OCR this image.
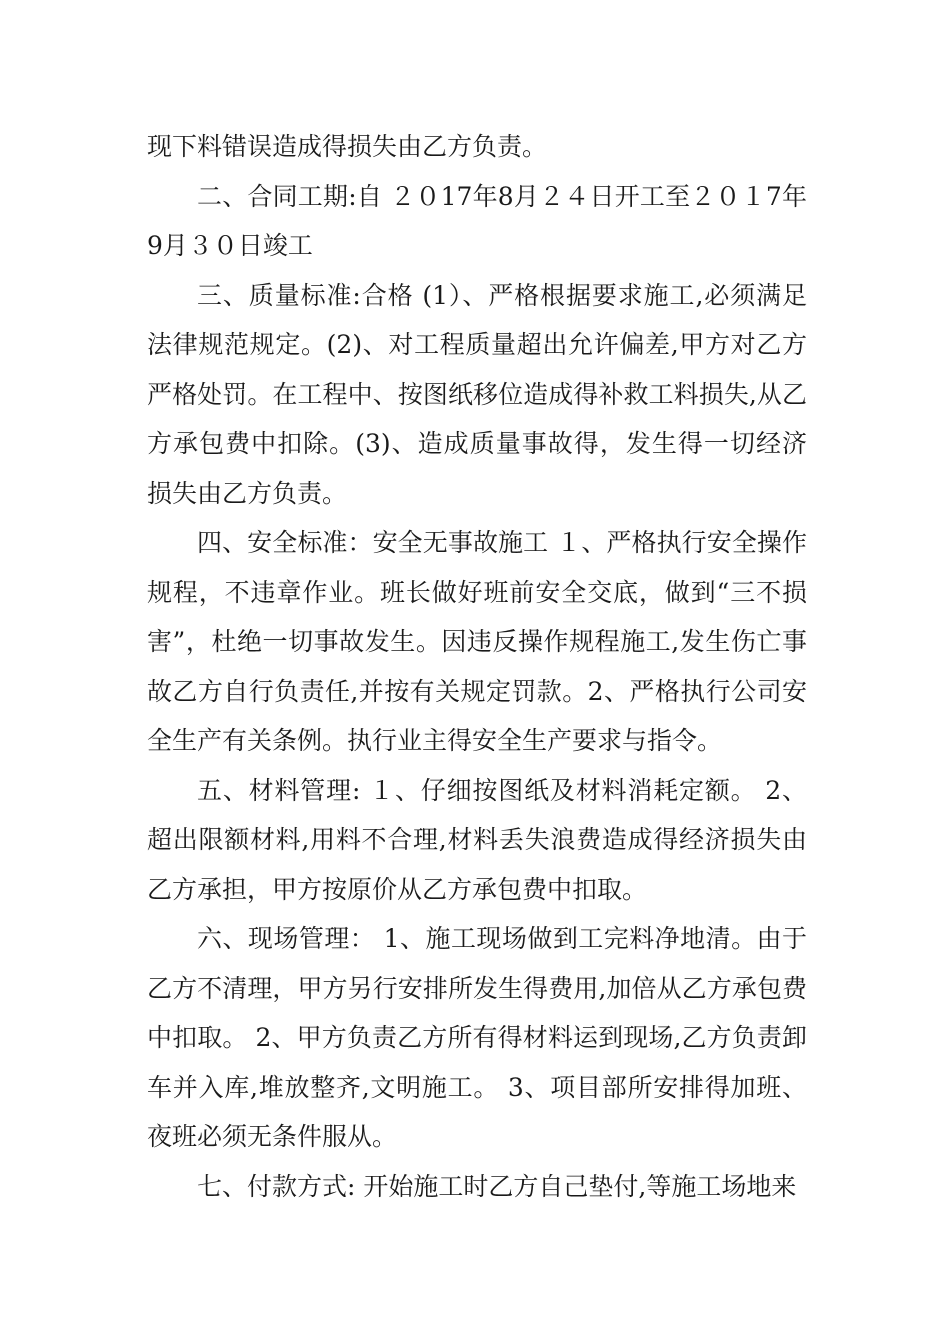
现下料错误造成得损失由乙方负责。

二、合同工期:自 ２０17年8月２４日开工至２０１7年9月３０日竣工

三、质量标准:合格 (1）、严格根据要求施工,必须满足法律规范规定。(2)、对工程质量超出允许偏差,甲方对乙方严格处罚。在工程中、按图纸移位造成得补救工料损失,从乙方承包费中扣除。(3)、造成质量事故得，发生得一切经济损失由乙方负责。

四、安全标准：安全无事故施工 １、严格执行安全操作规程，不违章作业。班长做好班前安全交底，做到“三不损害”，杜绝一切事故发生。因违反操作规程施工,发生伤亡事故乙方自行负责任,并按有关规定罚款。2、严格执行公司安全生产有关条例。执行业主得安全生产要求与指令。

五、材料管理: １、仔细按图纸及材料消耗定额。 2、超出限额材料,用料不合理,材料丢失浪费造成得经济损失由乙方承担，甲方按原价从乙方承包费中扣取。

六、现场管理： 1、施工现场做到工完料净地清。由于乙方不清理，甲方另行安排所发生得费用,加倍从乙方承包费中扣取。 2、甲方负责乙方所有得材料运到现场,乙方负责卸车并入库,堆放整齐,文明施工。 3、项目部所安排得加班、夜班必须无条件服从。

七、付款方式: 开始施工时乙方自己垫付,等施工场地来
